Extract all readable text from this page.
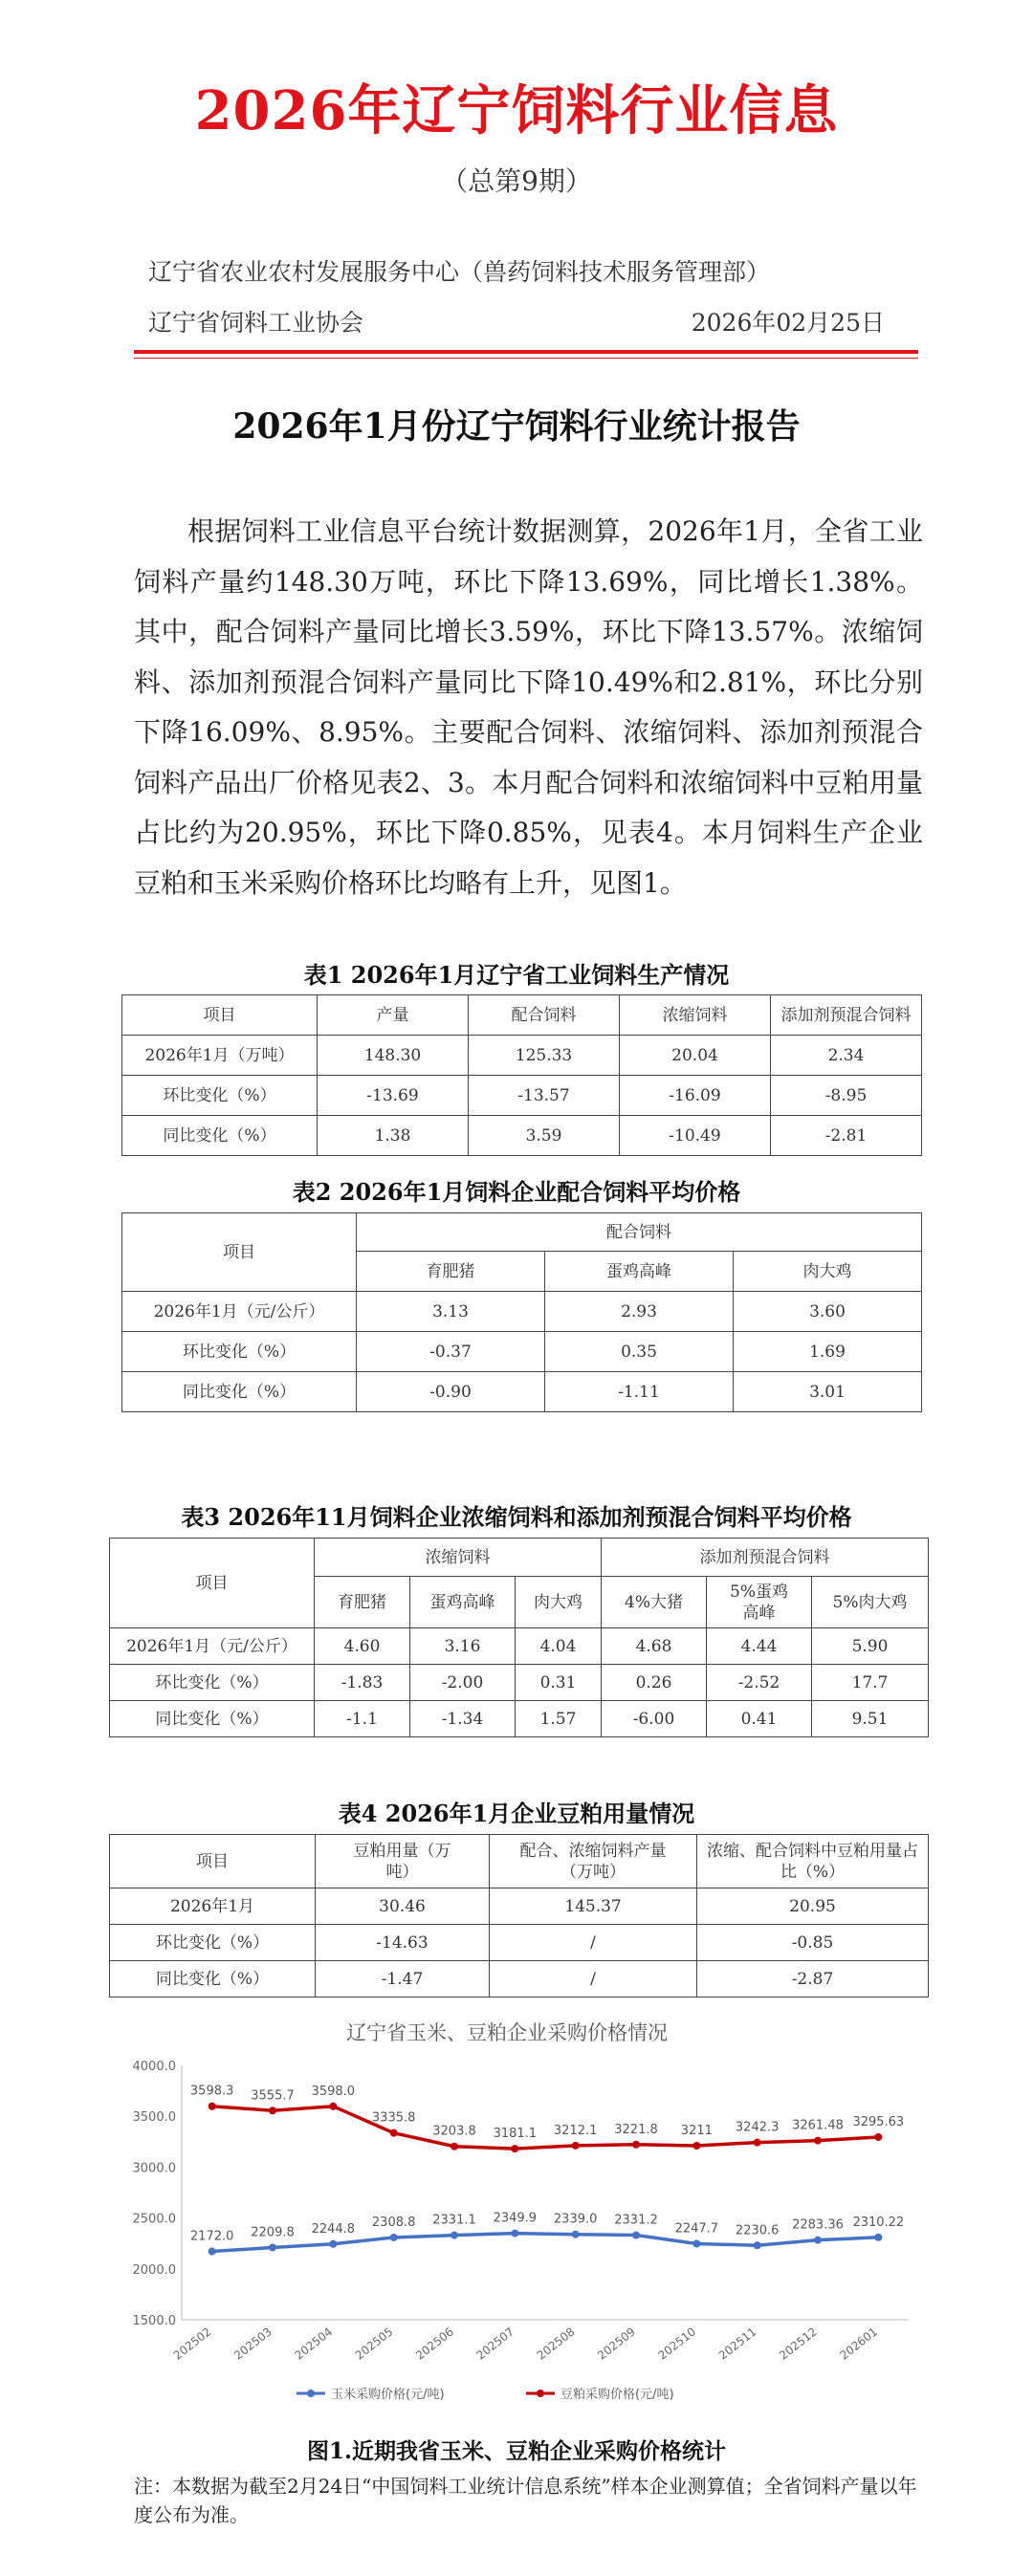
2026年辽宁饲料行业信息
（总第9期）
辽宁省农业农村发展服务中心（兽药饲料技术服务管理部）
辽宁省饲料工业协会	2026年02月25日
2026年1月份辽宁饲料行业统计报告
根据饲料工业信息平台统计数据测算，2026年1月，全省工业饲料产量约148.30万吨，环比下降13.69%，同比增长1.38%。其中，配合饲料产量同比增长3.59%，环比下降13.57%。浓缩饲料、添加剂预混合饲料产量同比下降10.49%和2.81%，环比分别下降16.09%、8.95%。主要配合饲料、浓缩饲料、添加剂预混合饲料产品出厂价格见表2、3。本月配合饲料和浓缩饲料中豆粕用量占比约为20.95%，环比下降0.85%，见表4。本月饲料生产企业豆粕和玉米采购价格环比均略有上升，见图1。
表1 2026年1月辽宁省工业饲料生产情况
项目	产量	配合饲料	浓缩饲料	添加剂预混合饲料
2026年1月（万吨）	148.30	125.33	20.04	2.34
环比变化（%）	-13.69	-13.57	-16.09	-8.95
同比变化（%）	1.38	3.59	-10.49	-2.81
表2 2026年1月饲料企业配合饲料平均价格
项目	配合饲料		
	育肥猪	蛋鸡高峰	肉大鸡
2026年1月（元/公斤）	3.13	2.93	3.60
环比变化（%）	-0.37	0.35	1.69
同比变化（%）	-0.90	-1.11	3.01
表3 2026年11月饲料企业浓缩饲料和添加剂预混合饲料平均价格
项目	浓缩饲料			添加剂预混合饲料		
	育肥猪	蛋鸡高峰	肉大鸡	4%大猪	5%蛋鸡高峰	5%肉大鸡
2026年1月（元/公斤）	4.60	3.16	4.04	4.68	4.44	5.90
环比变化（%）	-1.83	-2.00	0.31	0.26	-2.52	17.7
同比变化（%）	-1.1	-1.34	1.57	-6.00	0.41	9.51
表4 2026年1月企业豆粕用量情况
项目	豆粕用量（万吨）	配合、浓缩饲料产量（万吨）	浓缩、配合饲料中豆粕用量占比（%）
2026年1月	30.46	145.37	20.95
环比变化（%）	-14.63	/	-0.85
同比变化（%）	-1.47	/	-2.87
辽宁省玉米、豆粕企业采购价格情况
1500.0
2000.0
2500.0
3000.0
3500.0
4000.0
202502 202503 202504 202505 202506 202507 202508 202509 202510 202511 202512 202601
2172.0 2209.8 2244.8 2308.8 2331.1 2349.9 2339.0 2331.2
2247.7 2230.6 2283.36 2310.22
3598.3 3555.7 3598.0
3335.8
3203.8 3181.1 3212.1 3221.8 3211 3242.3 3261.48 3295.63
玉米采购价格(元/吨)	豆粕采购价格(元/吨)
图1.近期我省玉米、豆粕企业采购价格统计
注：本数据为截至2月24日“中国饲料工业统计信息系统”样本企业测算值；全省饲料产量以年度公布为准。
